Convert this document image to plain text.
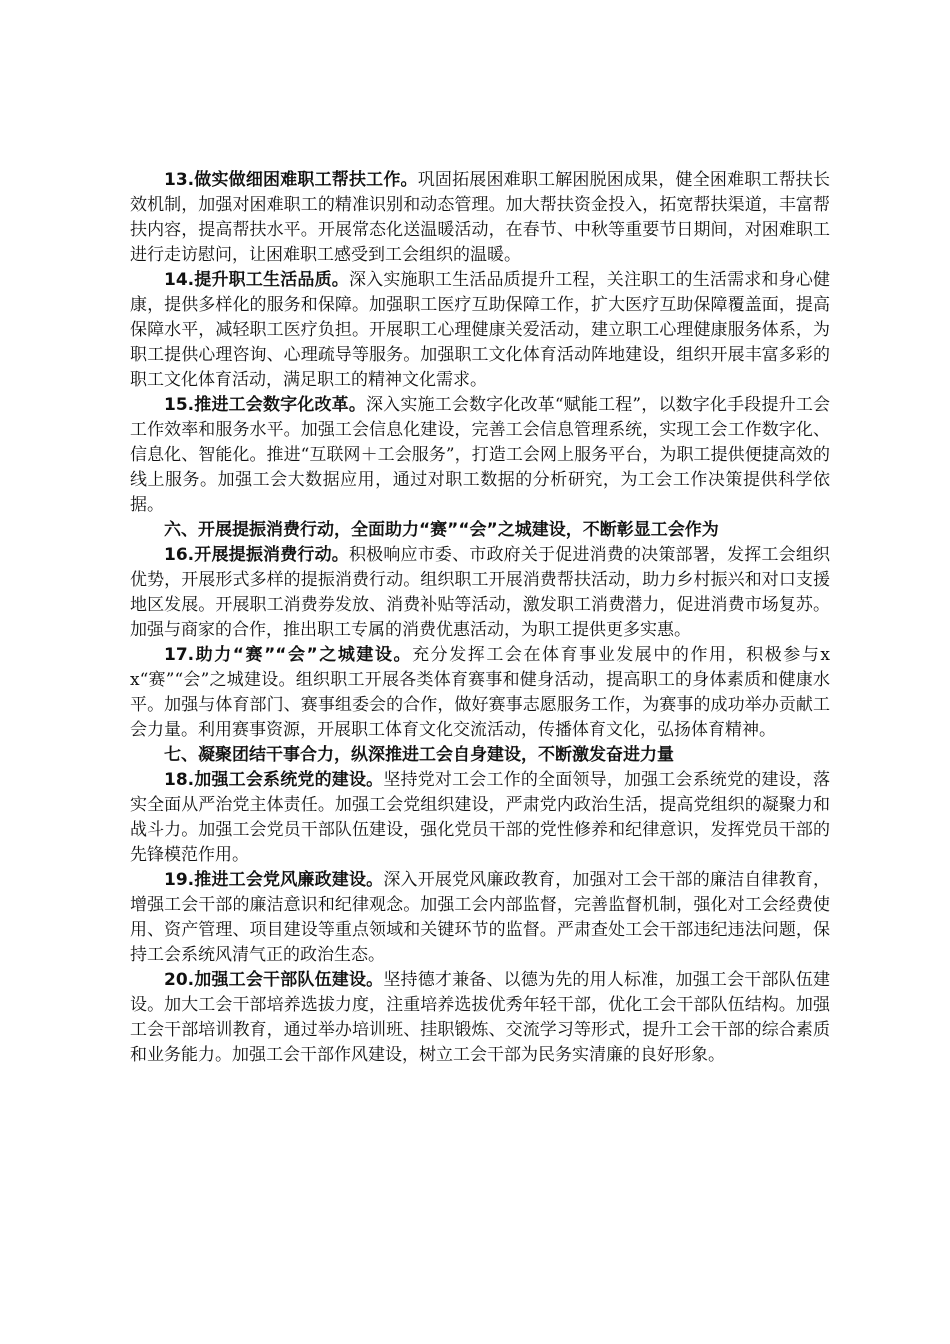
13.做实做细困难职工帮扶工作。巩固拓展困难职工解困脱困成果，健全困难职工帮扶长效机制，加强对困难职工的精准识别和动态管理。加大帮扶资金投入，拓宽帮扶渠道，丰富帮扶内容，提高帮扶水平。开展常态化送温暖活动，在春节、中秋等重要节日期间，对困难职工进行走访慰问，让困难职工感受到工会组织的温暖。

14.提升职工生活品质。深入实施职工生活品质提升工程，关注职工的生活需求和身心健康，提供多样化的服务和保障。加强职工医疗互助保障工作，扩大医疗互助保障覆盖面，提高保障水平，减轻职工医疗负担。开展职工心理健康关爱活动，建立职工心理健康服务体系，为职工提供心理咨询、心理疏导等服务。加强职工文化体育活动阵地建设，组织开展丰富多彩的职工文化体育活动，满足职工的精神文化需求。

15.推进工会数字化改革。深入实施工会数字化改革“赋能工程”，以数字化手段提升工会工作效率和服务水平。加强工会信息化建设，完善工会信息管理系统，实现工会工作数字化、信息化、智能化。推进“互联网＋工会服务”，打造工会网上服务平台，为职工提供便捷高效的线上服务。加强工会大数据应用，通过对职工数据的分析研究，为工会工作决策提供科学依据。

六、开展提振消费行动，全面助力“赛”“会”之城建设，不断彰显工会作为

16.开展提振消费行动。积极响应市委、市政府关于促进消费的决策部署，发挥工会组织优势，开展形式多样的提振消费行动。组织职工开展消费帮扶活动，助力乡村振兴和对口支援地区发展。开展职工消费券发放、消费补贴等活动，激发职工消费潜力，促进消费市场复苏。加强与商家的合作，推出职工专属的消费优惠活动，为职工提供更多实惠。

17.助力“赛”“会”之城建设。充分发挥工会在体育事业发展中的作用，积极参与xx“赛”“会”之城建设。组织职工开展各类体育赛事和健身活动，提高职工的身体素质和健康水平。加强与体育部门、赛事组委会的合作，做好赛事志愿服务工作，为赛事的成功举办贡献工会力量。利用赛事资源，开展职工体育文化交流活动，传播体育文化，弘扬体育精神。

七、凝聚团结干事合力，纵深推进工会自身建设，不断激发奋进力量

18.加强工会系统党的建设。坚持党对工会工作的全面领导，加强工会系统党的建设，落实全面从严治党主体责任。加强工会党组织建设，严肃党内政治生活，提高党组织的凝聚力和战斗力。加强工会党员干部队伍建设，强化党员干部的党性修养和纪律意识，发挥党员干部的先锋模范作用。

19.推进工会党风廉政建设。深入开展党风廉政教育，加强对工会干部的廉洁自律教育，增强工会干部的廉洁意识和纪律观念。加强工会内部监督，完善监督机制，强化对工会经费使用、资产管理、项目建设等重点领域和关键环节的监督。严肃查处工会干部违纪违法问题，保持工会系统风清气正的政治生态。

20.加强工会干部队伍建设。坚持德才兼备、以德为先的用人标准，加强工会干部队伍建设。加大工会干部培养选拔力度，注重培养选拔优秀年轻干部，优化工会干部队伍结构。加强工会干部培训教育，通过举办培训班、挂职锻炼、交流学习等形式，提升工会干部的综合素质和业务能力。加强工会干部作风建设，树立工会干部为民务实清廉的良好形象。
